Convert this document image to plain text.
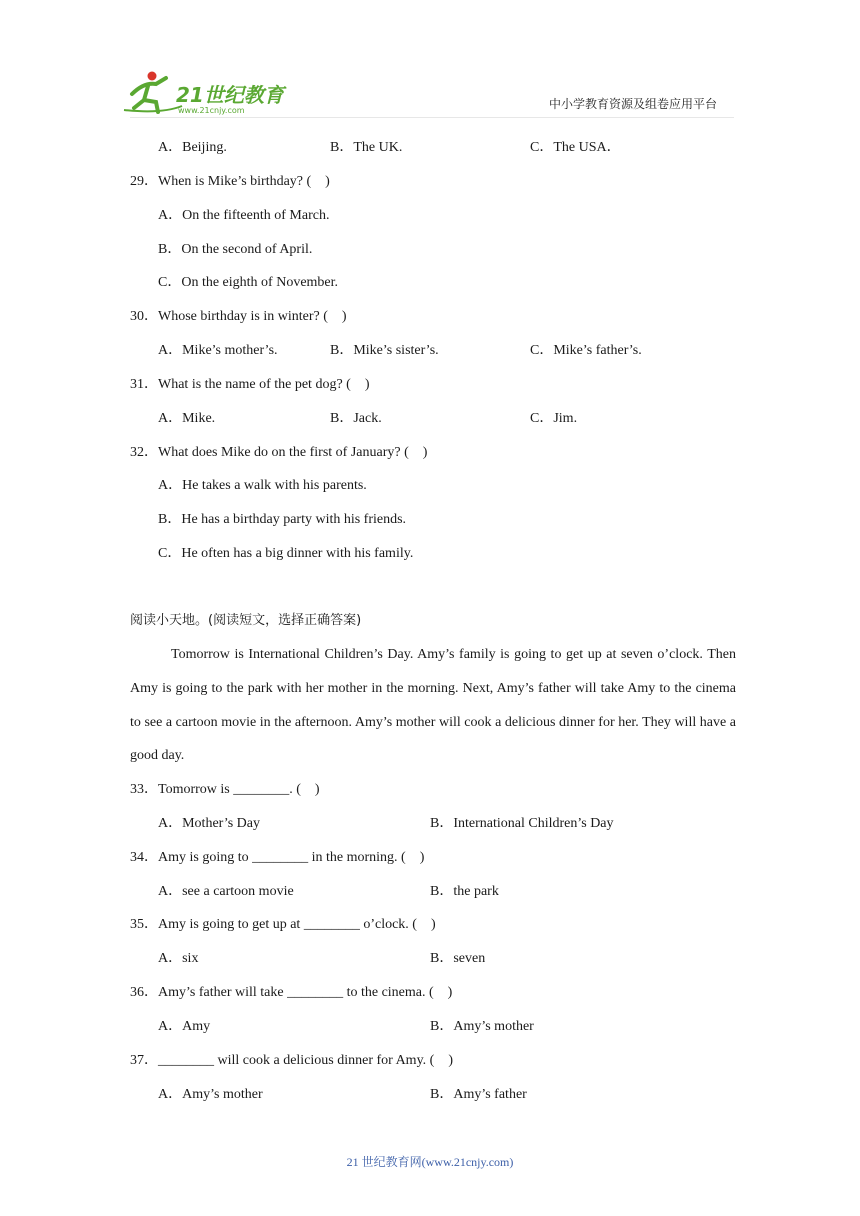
21世纪教育
www.21cnjy.com	中小学教育资源及组卷应用平台
A．Beijing.	B．The UK.	C．The USA．
29．When is Mike’s birthday? (　)
A．On the fifteenth of March.
B．On the second of April.
C．On the eighth of November.
30．Whose birthday is in winter? (　)
A．Mike’s mother’s.	B．Mike’s sister’s.	C．Mike’s father’s.
31．What is the name of the pet dog? (　)
A．Mike.	B．Jack.	C．Jim.
32．What does Mike do on the first of January? (　)
A．He takes a walk with his parents.
B．He has a birthday party with his friends.
C．He often has a big dinner with his family.
阅读小天地。(阅读短文，选择正确答案)
Tomorrow is International Children’s Day. Amy’s family is going to get up at seven o’clock. Then Amy is going to the park with her mother in the morning. Next, Amy’s father will take Amy to the cinema to see a cartoon movie in the afternoon. Amy’s mother will cook a delicious dinner for her. They will have a good day.
33．Tomorrow is ________. (　)
A．Mother’s Day	B．International Children’s Day
34．Amy is going to ________ in the morning. (　)
A．see a cartoon movie	B．the park
35．Amy is going to get up at ________ o’clock. (　)
A．six	B．seven
36．Amy’s father will take ________ to the cinema. (　)
A．Amy	B．Amy’s mother
37．________ will cook a delicious dinner for Amy. (　)
A．Amy’s mother	B．Amy’s father
21 世纪教育网(www.21cnjy.com)
